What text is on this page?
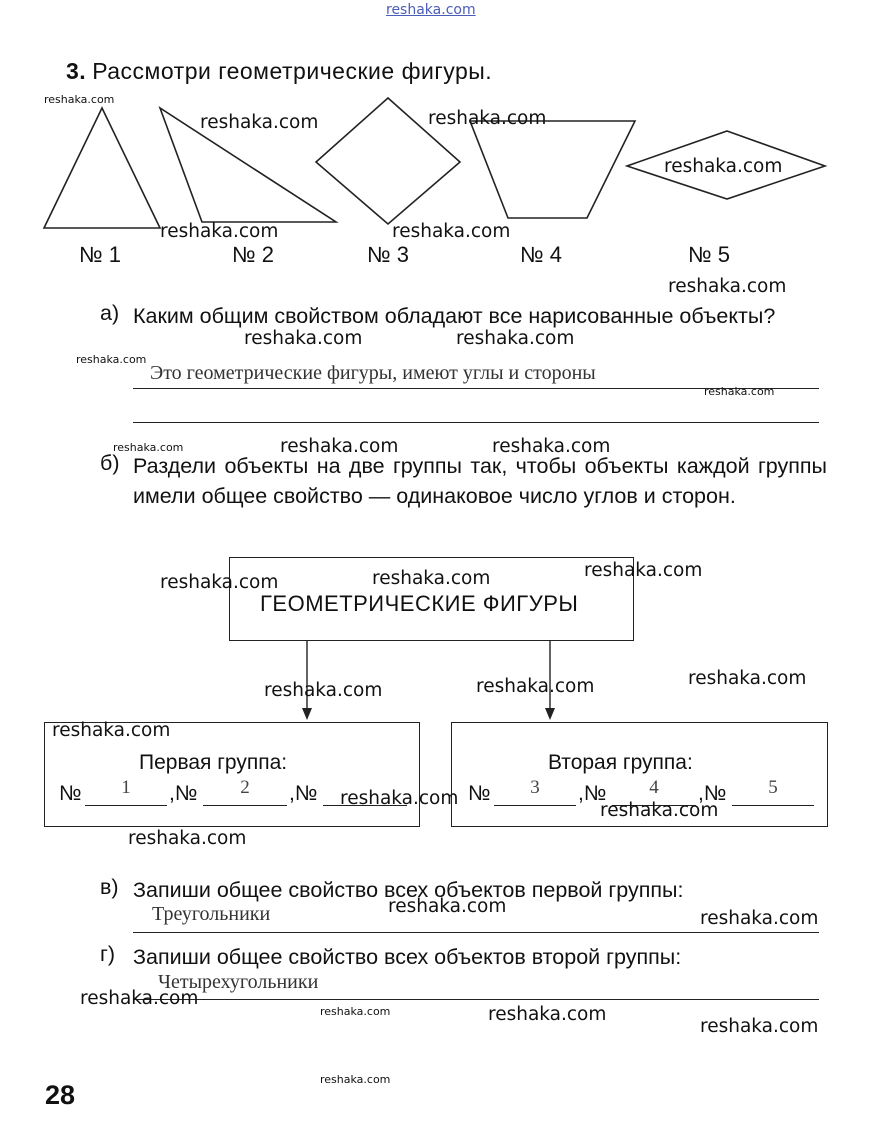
reshaka.com
3. Рассмотри геометрические фигуры.
№ 1	№ 2	№ 3	№ 4	№ 5
а) Каким общим свойством обладают все нарисованные объекты?
Это геометрические фигуры, имеют углы и стороны
б) Раздели объекты на две группы так, чтобы объекты каждой группы имели общее свойство — одинаковое число углов и сторон.
ГЕОМЕТРИЧЕСКИЕ ФИГУРЫ
Первая группа:
№	1	,№	2	,№
Вторая группа:
№	3	,№	4	,№	5
в) Запиши общее свойство всех объектов первой группы:
Треугольники
г) Запиши общее свойство всех объектов второй группы:
Четырехугольники
28
reshaka.com
reshaka.com	reshaka.com
reshaka.com
reshaka.com	reshaka.com
reshaka.com
reshaka.com	reshaka.com
reshaka.com
reshaka.com
reshaka.com	reshaka.com	reshaka.com
reshaka.com	reshaka.com	reshaka.com
reshaka.com	reshaka.com	reshaka.com
reshaka.com
reshaka.com
reshaka.com
reshaka.com
reshaka.com
reshaka.com
reshaka.com
reshaka.com	reshaka.com
reshaka.com
reshaka.com
